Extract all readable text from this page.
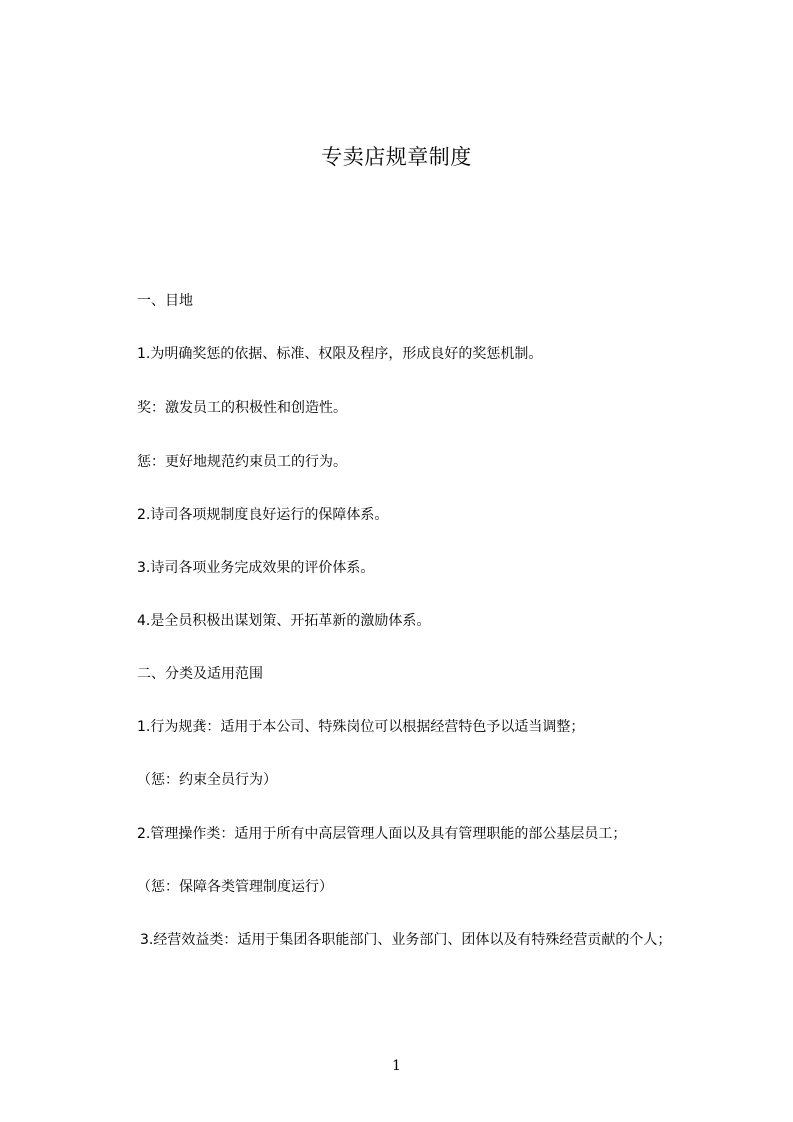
专卖店规章制度
一、目地
1.为明确奖惩的依据、标准、权限及程序，形成良好的奖惩机制。
奖：激发员工的积极性和创造性。
惩：更好地规范约束员工的行为。
2.诗司各项规制度良好运行的保障体系。
3.诗司各项业务完成效果的评价体系。
4.是全员积极出谋划策、开拓革新的激励体系。
二、分类及适用范围
1.行为规龚：适用于本公司、特殊岗位可以根据经营特色予以适当调整；
（惩：约束全员行为）
2.管理操作类：适用于所有中高层管理人面以及具有管理职能的部公基层员工；
（惩：保障各类管理制度运行）
3.经营效益类：适用于集团各职能部门、业务部门、团体以及有特殊经营贡献的个人；
1
